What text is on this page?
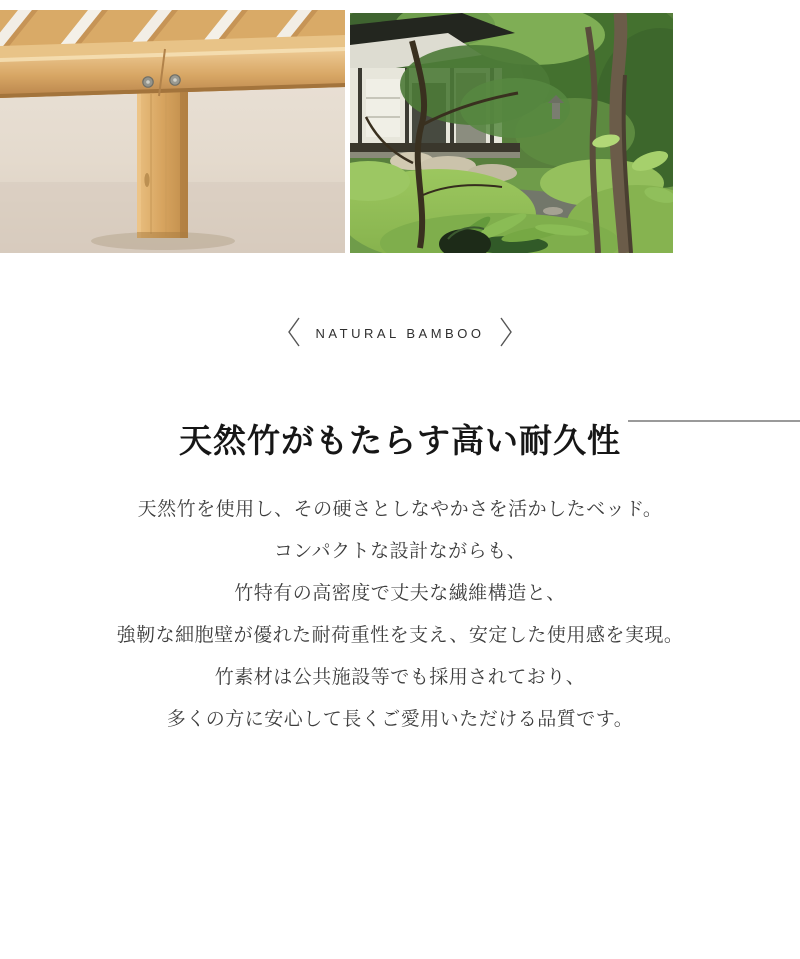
NATURAL BAMBOO
天然竹がもたらす高い耐久性
天然竹を使用し、その硬さとしなやかさを活かしたベッド。
コンパクトな設計ながらも、
竹特有の高密度で丈夫な繊維構造と、
強靭な細胞壁が優れた耐荷重性を支え、安定した使用感を実現。
竹素材は公共施設等でも採用されており、
多くの方に安心して長くご愛用いただける品質です。
